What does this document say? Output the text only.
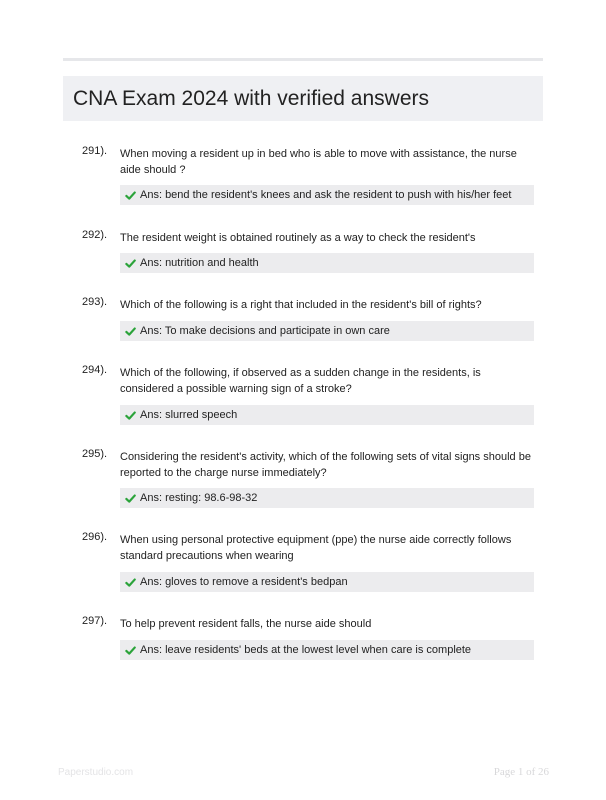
CNA Exam 2024 with verified answers
291). When moving a resident up in bed who is able to move with assistance, the nurse aide should ?
Ans: bend the resident's knees and ask the resident to push with his/her feet
292). The resident weight is obtained routinely as a way to check the resident's
Ans: nutrition and health
293). Which of the following is a right that included in the resident's bill of rights?
Ans: To make decisions and participate in own care
294). Which of the following, if observed as a sudden change in the residents, is considered a possible warning sign of a stroke?
Ans: slurred speech
295). Considering the resident's activity, which of the following sets of vital signs should be reported to the charge nurse immediately?
Ans: resting: 98.6-98-32
296). When using personal protective equipment (ppe) the nurse aide correctly follows standard precautions when wearing
Ans: gloves to remove a resident's bedpan
297). To help prevent resident falls, the nurse aide should
Ans: leave residents' beds at the lowest level when care is complete
Paperstudio.com	Page 1 of 26
